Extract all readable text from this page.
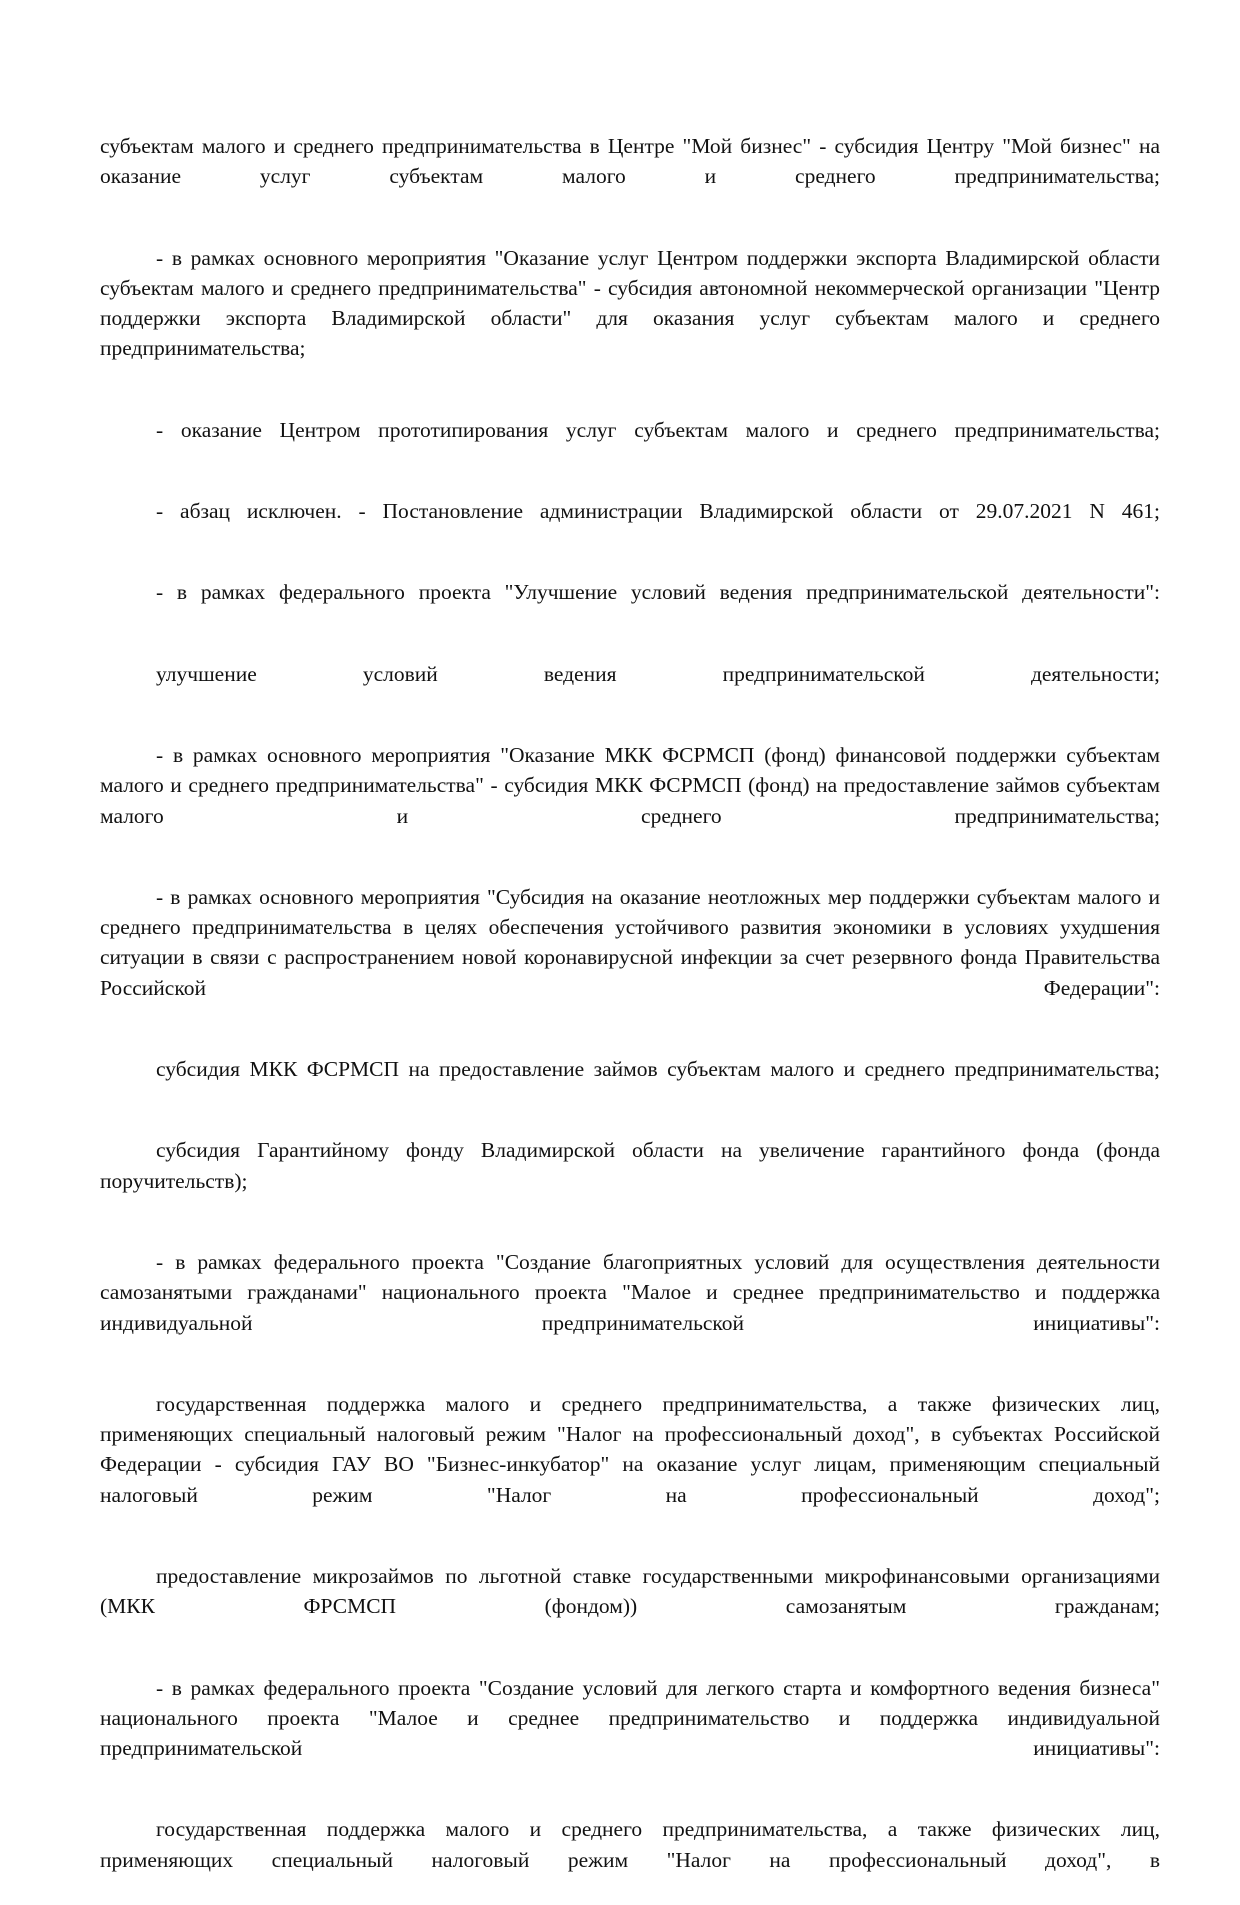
субъектам малого и среднего предпринимательства в Центре "Мой бизнес" - субсидия Центру "Мой бизнес" на оказание услуг субъектам малого и среднего предпринимательства;

- в рамках основного мероприятия "Оказание услуг Центром поддержки экспорта Владимирской области субъектам малого и среднего предпринимательства" - субсидия автономной некоммерческой организации "Центр поддержки экспорта Владимирской области" для оказания услуг субъектам малого и среднего предпринимательства;

- оказание Центром прототипирования услуг субъектам малого и среднего предпринимательства;

- абзац исключен. - Постановление администрации Владимирской области от 29.07.2021 N 461;

- в рамках федерального проекта "Улучшение условий ведения предпринимательской деятельности":

улучшение условий ведения предпринимательской деятельности;

- в рамках основного мероприятия "Оказание МКК ФСРМСП (фонд) финансовой поддержки субъектам малого и среднего предпринимательства" - субсидия МКК ФСРМСП (фонд) на предоставление займов субъектам малого и среднего предпринимательства;

- в рамках основного мероприятия "Субсидия на оказание неотложных мер поддержки субъектам малого и среднего предпринимательства в целях обеспечения устойчивого развития экономики в условиях ухудшения ситуации в связи с распространением новой коронавирусной инфекции за счет резервного фонда Правительства Российской Федерации":

субсидия МКК ФСРМСП на предоставление займов субъектам малого и среднего предпринимательства;

субсидия Гарантийному фонду Владимирской области на увеличение гарантийного фонда (фонда поручительств);

- в рамках федерального проекта "Создание благоприятных условий для осуществления деятельности самозанятыми гражданами" национального проекта "Малое и среднее предпринимательство и поддержка индивидуальной предпринимательской инициативы":

государственная поддержка малого и среднего предпринимательства, а также физических лиц, применяющих специальный налоговый режим "Налог на профессиональный доход", в субъектах Российской Федерации - субсидия ГАУ ВО "Бизнес-инкубатор" на оказание услуг лицам, применяющим специальный налоговый режим "Налог на профессиональный доход";

предоставление микрозаймов по льготной ставке государственными микрофинансовыми организациями (МКК ФРСМСП (фондом)) самозанятым гражданам;

- в рамках федерального проекта "Создание условий для легкого старта и комфортного ведения бизнеса" национального проекта "Малое и среднее предпринимательство и поддержка индивидуальной предпринимательской инициативы":

государственная поддержка малого и среднего предпринимательства, а также физических лиц, применяющих специальный налоговый режим "Налог на профессиональный доход", в
